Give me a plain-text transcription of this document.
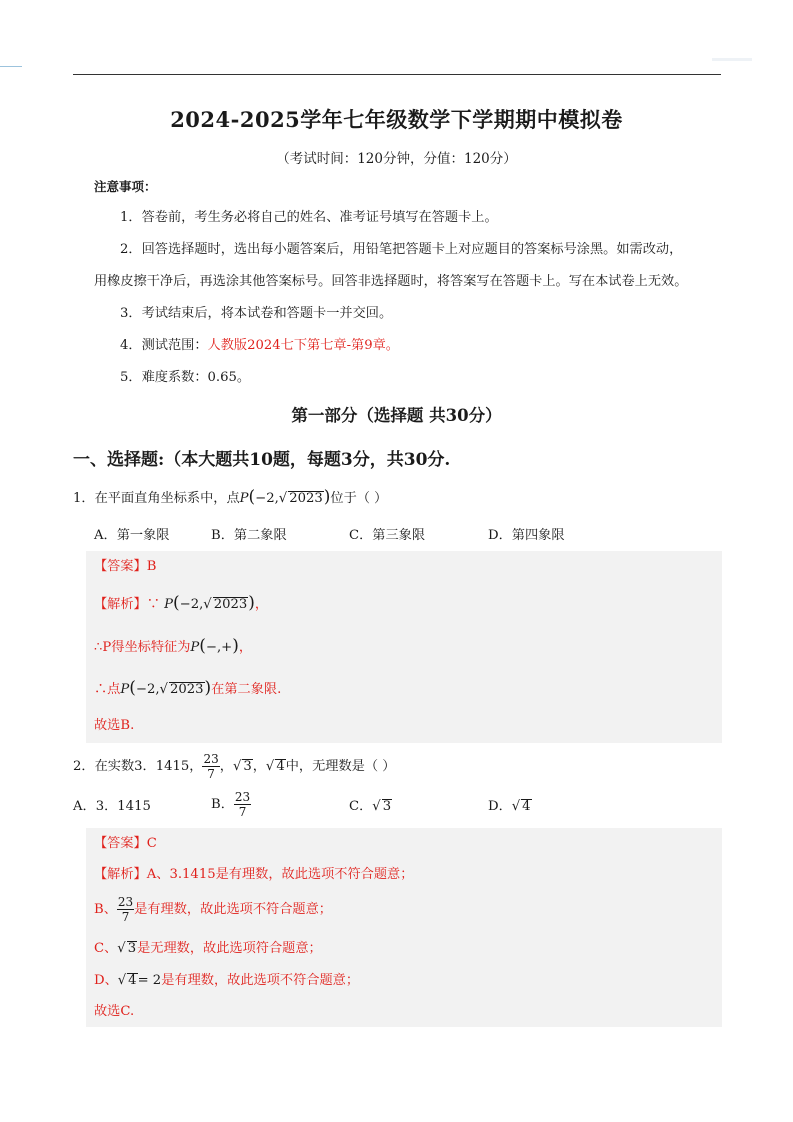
2024-2025学年七年级数学下学期期中模拟卷
（考试时间：120分钟，分值：120分）
注意事项：
1．答卷前，考生务必将自己的姓名、准考证号填写在答题卡上。
2．回答选择题时，选出每小题答案后，用铅笔把答题卡上对应题目的答案标号涂黑。如需改动，
用橡皮擦干净后，再选涂其他答案标号。回答非选择题时，将答案写在答题卡上。写在本试卷上无效。
3．考试结束后，将本试卷和答题卡一并交回。
4．测试范围：人教版2024七下第七章-第9章。
5．难度系数：0.65。
第一部分（选择题 共30分）
一、选择题:（本大题共10题，每题3分，共30分.
1．在平面直角坐标系中，点P(−2,√ 2023)位于（ ）
A．第一象限	B．第二象限	C．第三象限	D．第四象限
【答案】B
【解析】∵ P(−2,√ 2023)，
∴P得坐标特征为P(−,+)，
∴点P(−2,√ 2023)在第二象限.
故选B.
2．在实数3．1415， $\frac{23}{7}$ ，√ 3，√ 4中，无理数是（ ）
A．3．1415	B． $\frac{23}{7}$	C．√ 3	D．√ 4
【答案】C
【解析】A、3.1415是有理数，故此选项不符合题意；
B、 $\frac{23}{7}$ 是有理数，故此选项不符合题意；
C、√ 3是无理数，故此选项符合题意；
D、√ 4= 2是有理数，故此选项不符合题意；
故选C.
